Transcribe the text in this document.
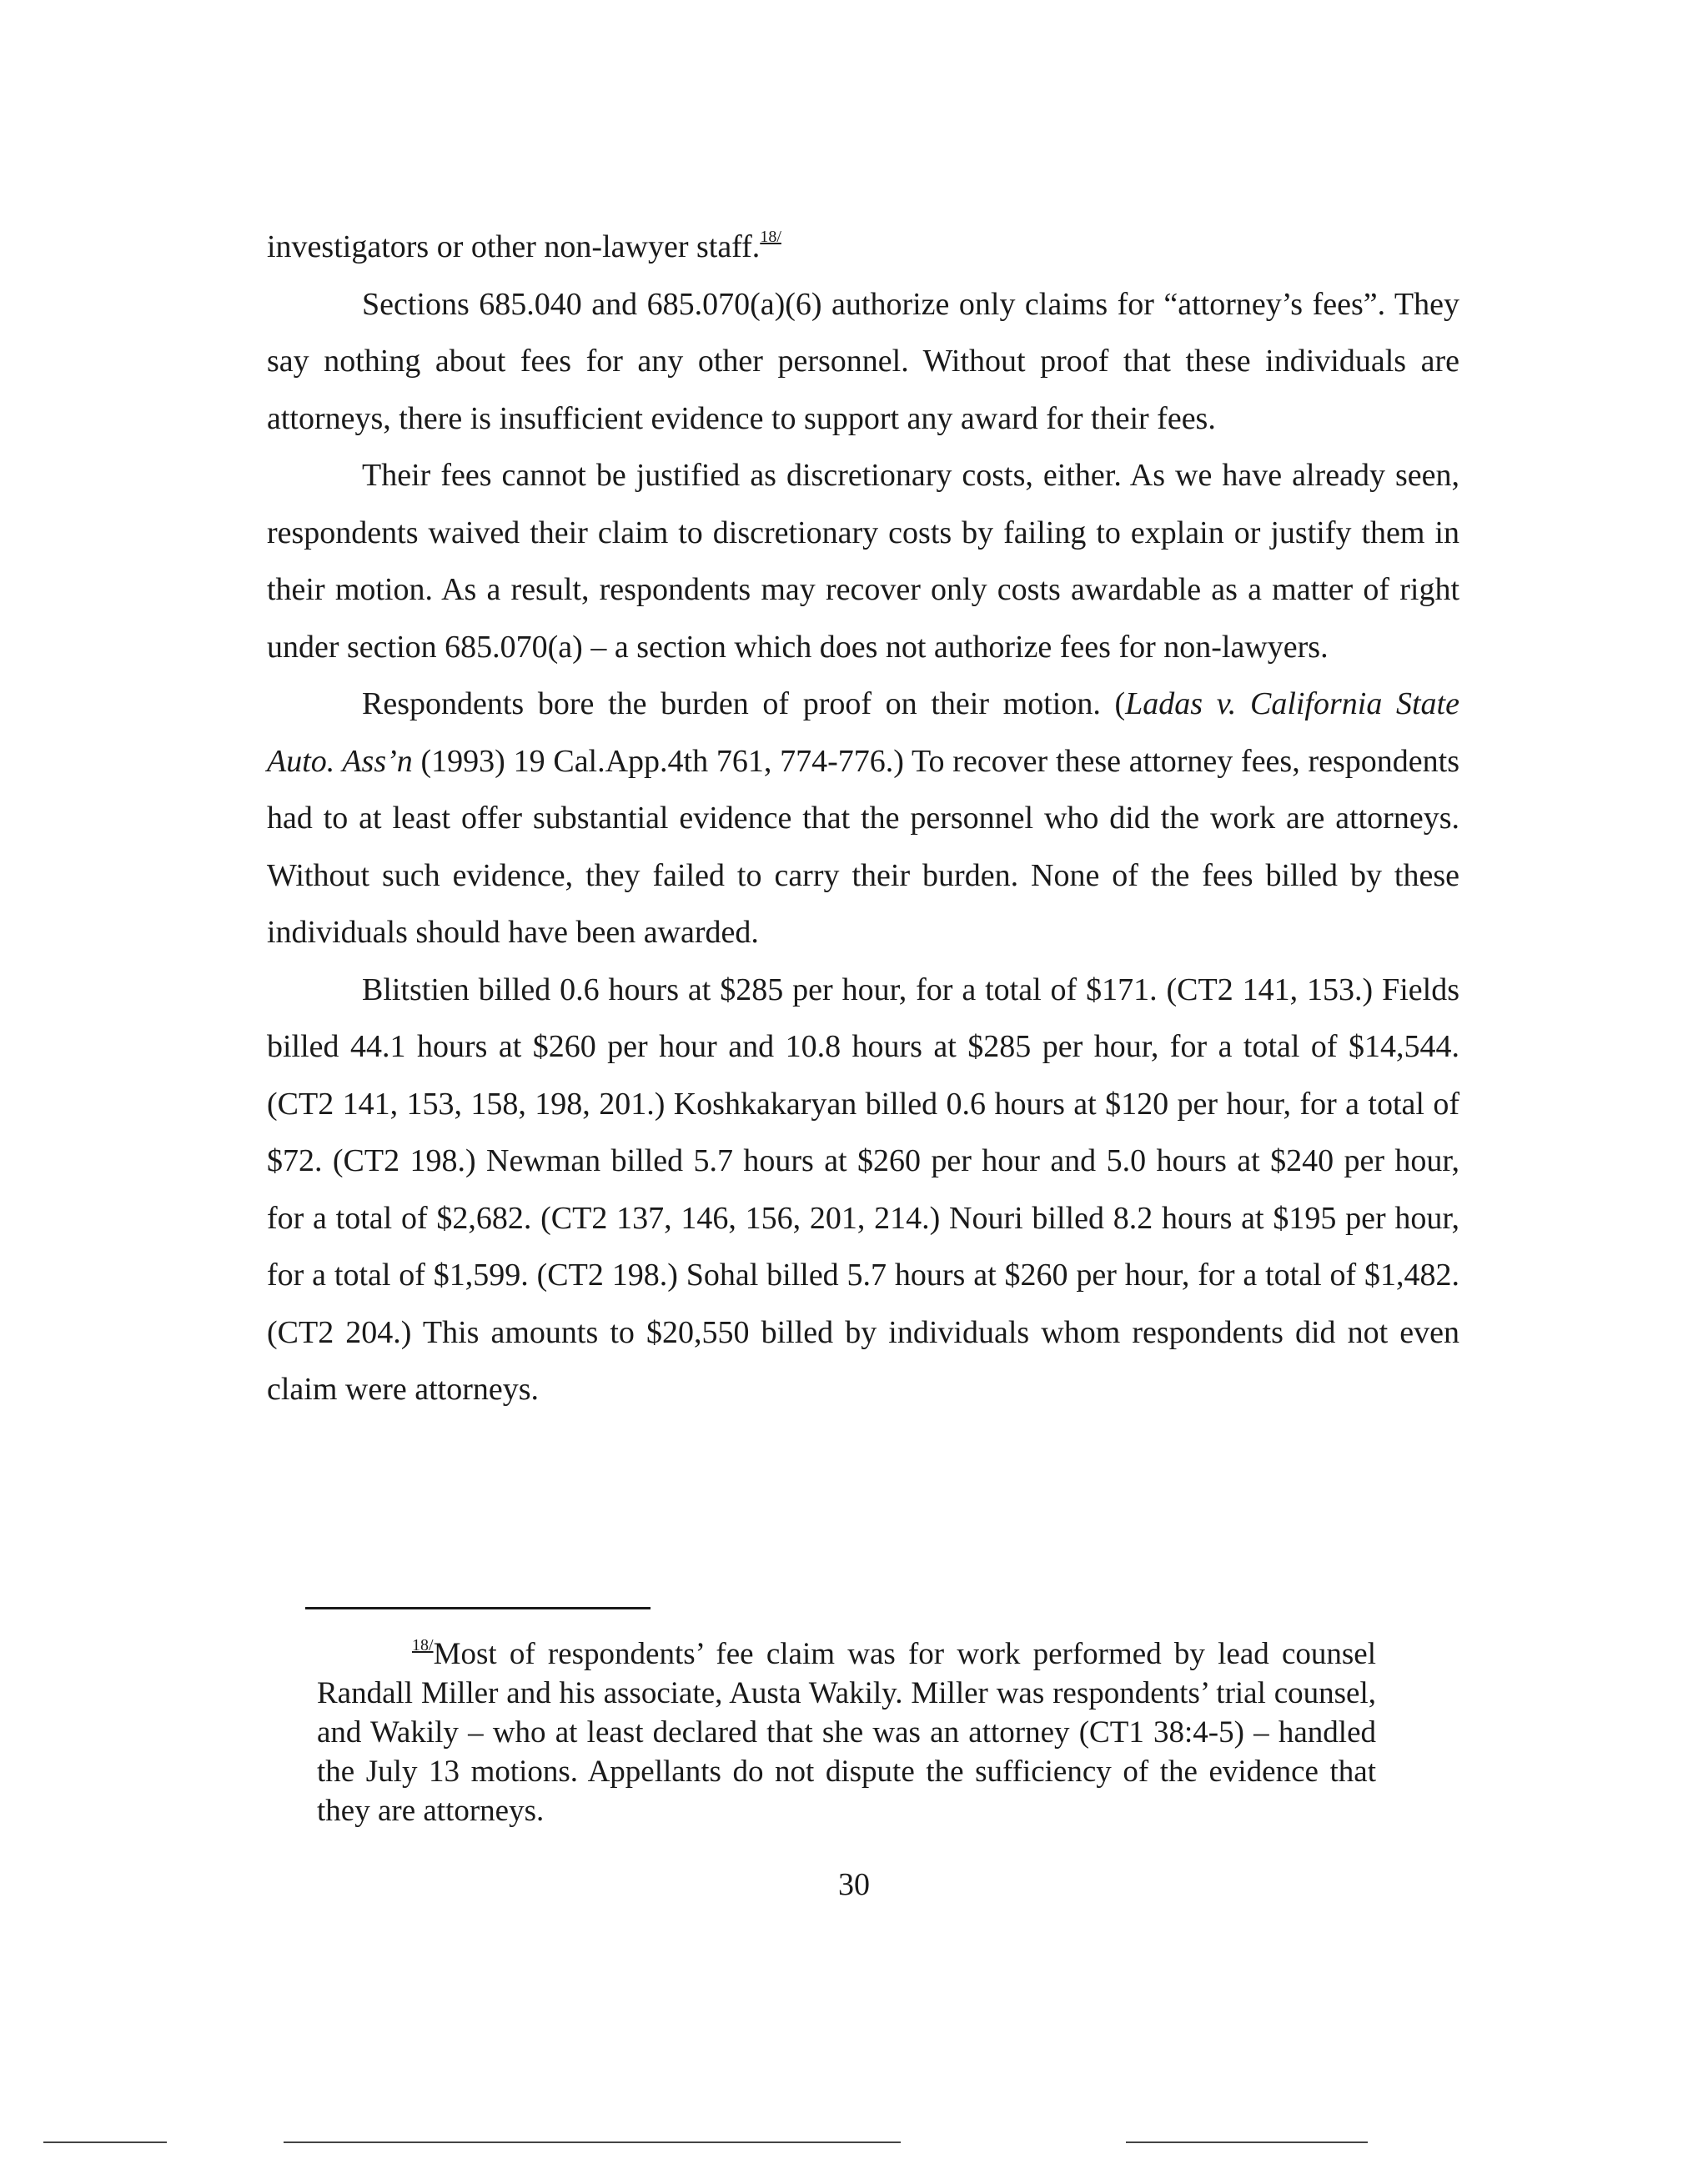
investigators or other non-lawyer staff.$^{18/}$

Sections 685.040 and 685.070(a)(6) authorize only claims for “attorney’s fees”. They say nothing about fees for any other personnel. Without proof that these individuals are attorneys, there is insufficient evidence to support any award for their fees.

Their fees cannot be justified as discretionary costs, either. As we have already seen, respondents waived their claim to discretionary costs by failing to explain or justify them in their motion. As a result, respondents may recover only costs awardable as a matter of right under section 685.070(a) – a section which does not authorize fees for non-lawyers.

Respondents bore the burden of proof on their motion. (Ladas v. California State Auto. Ass’n (1993) 19 Cal.App.4th 761, 774-776.) To recover these attorney fees, respondents had to at least offer substantial evidence that the personnel who did the work are attorneys. Without such evidence, they failed to carry their burden. None of the fees billed by these individuals should have been awarded.

Blitstien billed 0.6 hours at $285 per hour, for a total of $171. (CT2 141, 153.) Fields billed 44.1 hours at $260 per hour and 10.8 hours at $285 per hour, for a total of $14,544. (CT2 141, 153, 158, 198, 201.) Koshkakaryan billed 0.6 hours at $120 per hour, for a total of $72. (CT2 198.) Newman billed 5.7 hours at $260 per hour and 5.0 hours at $240 per hour, for a total of $2,682. (CT2 137, 146, 156, 201, 214.) Nouri billed 8.2 hours at $195 per hour, for a total of $1,599. (CT2 198.) Sohal billed 5.7 hours at $260 per hour, for a total of $1,482. (CT2 204.) This amounts to $20,550 billed by individuals whom respondents did not even claim were attorneys.

$^{18/}$Most of respondents’ fee claim was for work performed by lead counsel Randall Miller and his associate, Austa Wakily. Miller was respondents’ trial counsel, and Wakily – who at least declared that she was an attorney (CT1 38:4-5) – handled the July 13 motions. Appellants do not dispute the sufficiency of the evidence that they are attorneys.

30
